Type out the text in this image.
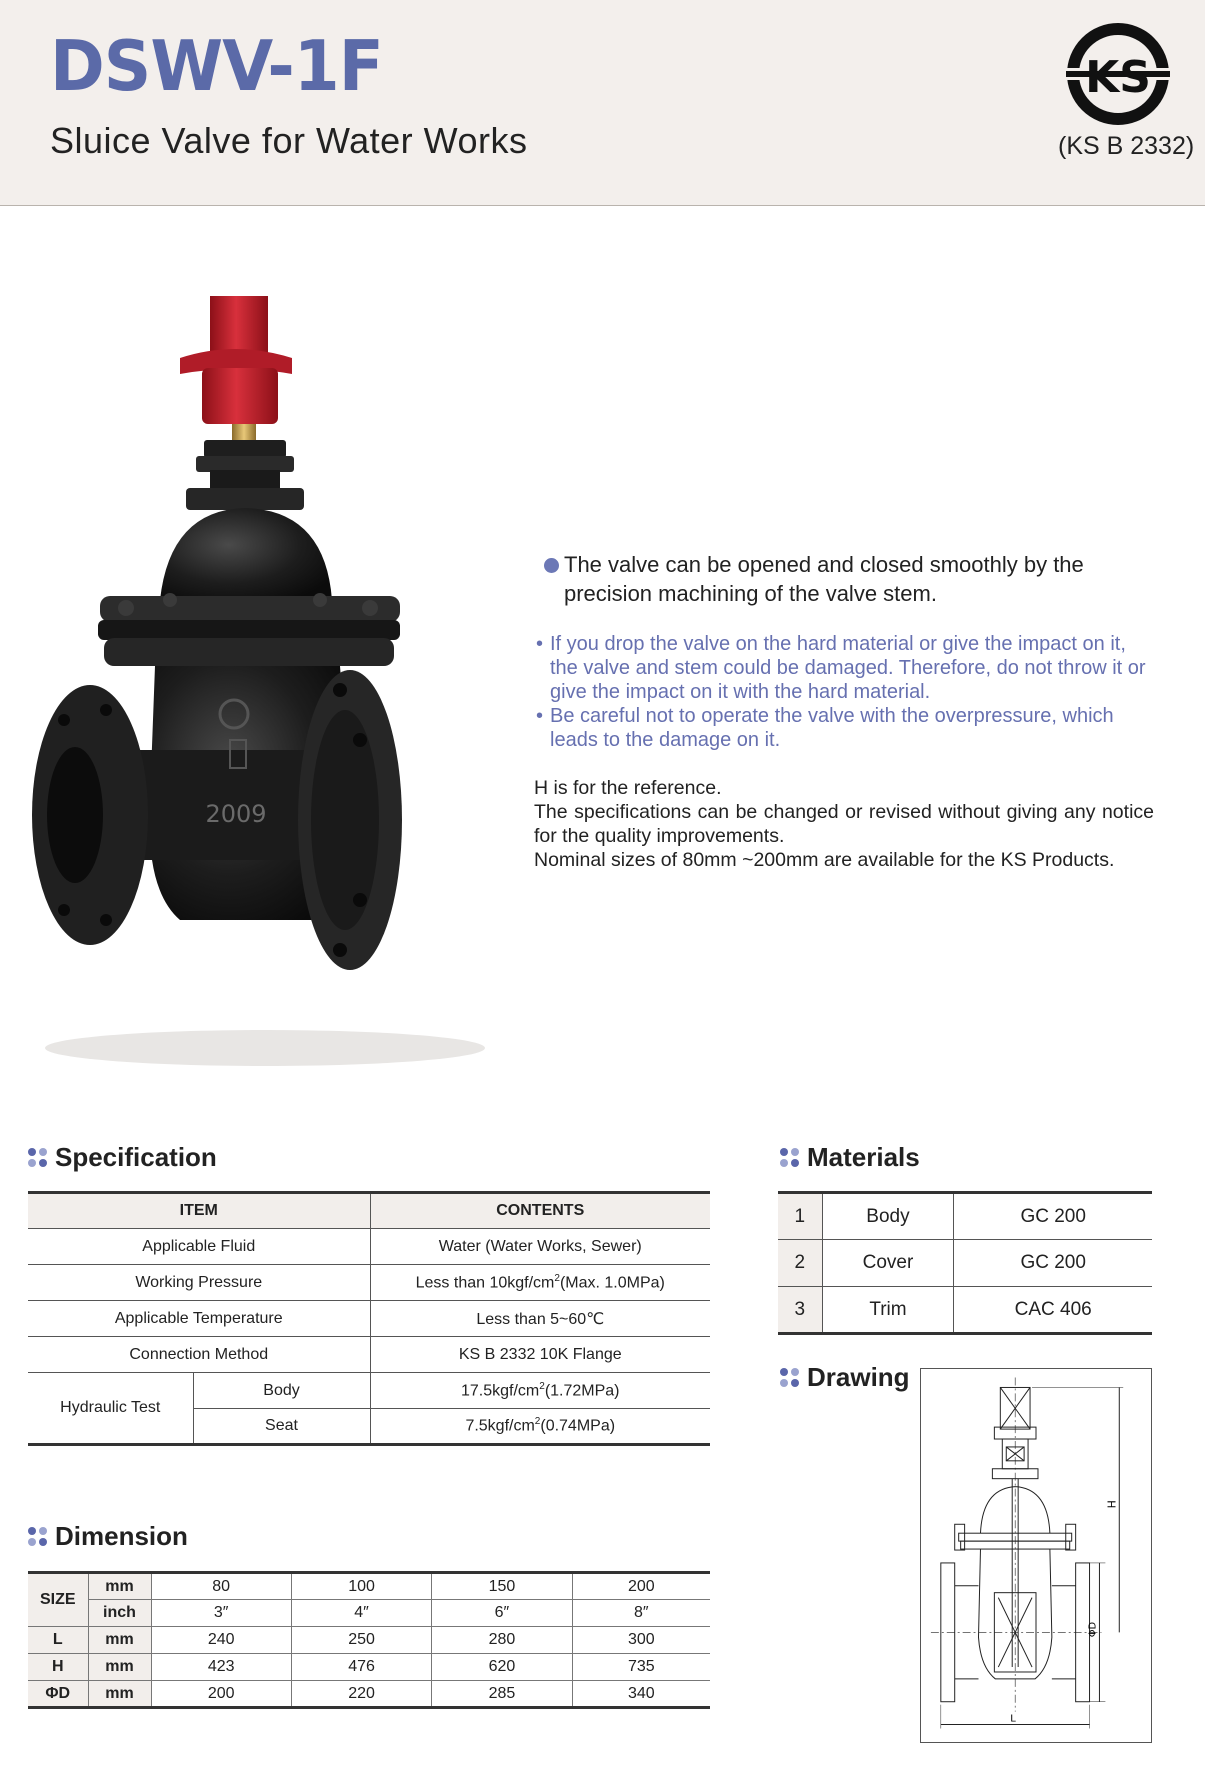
DSWV-1F
Sluice Valve for Water Works
KS
(KS B 2332)
2009
The valve can be opened and closed smoothly by the precision machining of the valve stem.
• If you drop the valve on the hard material or give the impact on it, the valve and stem could be damaged. Therefore, do not throw it or give the impact on it with the hard material.
• Be careful not to operate the valve with the overpressure, which leads to the damage on it.

H is for the reference.

The specifications can be changed or revised without giving any notice for the quality improvements.

Nominal sizes of 80mm ~200mm are available for the KS Products.

Specification
ITEM		CONTENTS
Applicable Fluid		Water (Water Works, Sewer)
Working Pressure		Less than $10kgf/cm^2(Max$. 1.0MPa)
Applicable Temperature		Less than 5~60℃
Connection Method		KS B 2332 10K Flange
Hydraulic Test	Body	$17.5kgf/cm^2(1.72MPa)$
	Seat	$7.5kgf/cm^2(0.74MPa)$
Materials
1	Body	GC 200
2	Cover	GC 200
3	Trim	CAC 406
Drawing
H
ΦD
L
Dimension
SIZE	mm	80	100	150	200
	inch	3″	4″	6″	8″
L	mm	240	250	280	300
H	mm	423	476	620	735
ΦD	mm	200	220	285	340
